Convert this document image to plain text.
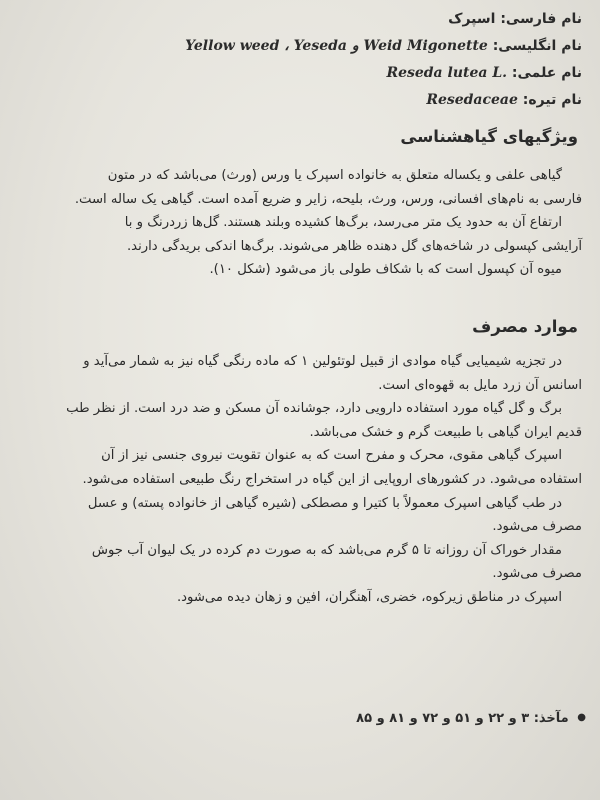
نام فارسی: اسپرک
نام انگلیسی: Yellow weed ، Yeseda و Weid Migonette
نام علمی: Reseda lutea L.
نام تیره: Resedaceae
ویژگیهای گیاهشناسی
گیاهی علفی و یکساله متعلق به خانواده اسپرک یا ورس (ورث) می‌باشد که در متون
فارسی به نام‌های افسانی، ورس، ورث، بلیحه، زایر و ضریع آمده است. گیاهی یک ساله است.
ارتفاع آن به حدود یک متر می‌رسد، برگ‌ها کشیده وبلند هستند. گل‌ها زردرنگ و با
آرایشی کپسولی در شاخه‌های گل دهنده ظاهر می‌شوند. برگ‌ها اندکی بریدگی دارند.
میوه آن کپسول است که با شکاف طولی باز می‌شود (شکل ۱۰).
موارد مصرف
در تجزیه شیمیایی گیاه موادی از قبیل لوتئولین ۱ که ماده رنگی گیاه نیز به شمار می‌آید و
اسانس آن زرد مایل به قهوه‌ای است.
برگ و گل گیاه مورد استفاده دارویی دارد، جوشانده آن مسکن و ضد درد است. از نظر طب
قدیم ایران گیاهی با طبیعت گرم و خشک می‌باشد.
اسپرک گیاهی مقوی، محرک و مفرح است که به عنوان تقویت نیروی جنسی نیز از آن
استفاده می‌شود. در کشورهای اروپایی از این گیاه در استخراج رنگ طبیعی استفاده می‌شود.
در طب گیاهی اسپرک معمولاً با کتیرا و مصطکی (شیره گیاهی از خانواده پسته) و عسل
مصرف می‌شود.
مقدار خوراک آن روزانه تا ۵ گرم می‌باشد که به صورت دم کرده در یک لیوان آب جوش
مصرف می‌شود.
اسپرک در مناطق زیرکوه، خضری، آهنگران، افین و زهان دیده می‌شود.
● مآخذ: ۳ و ۲۲ و ۵۱ و ۷۲ و ۸۱ و ۸۵
